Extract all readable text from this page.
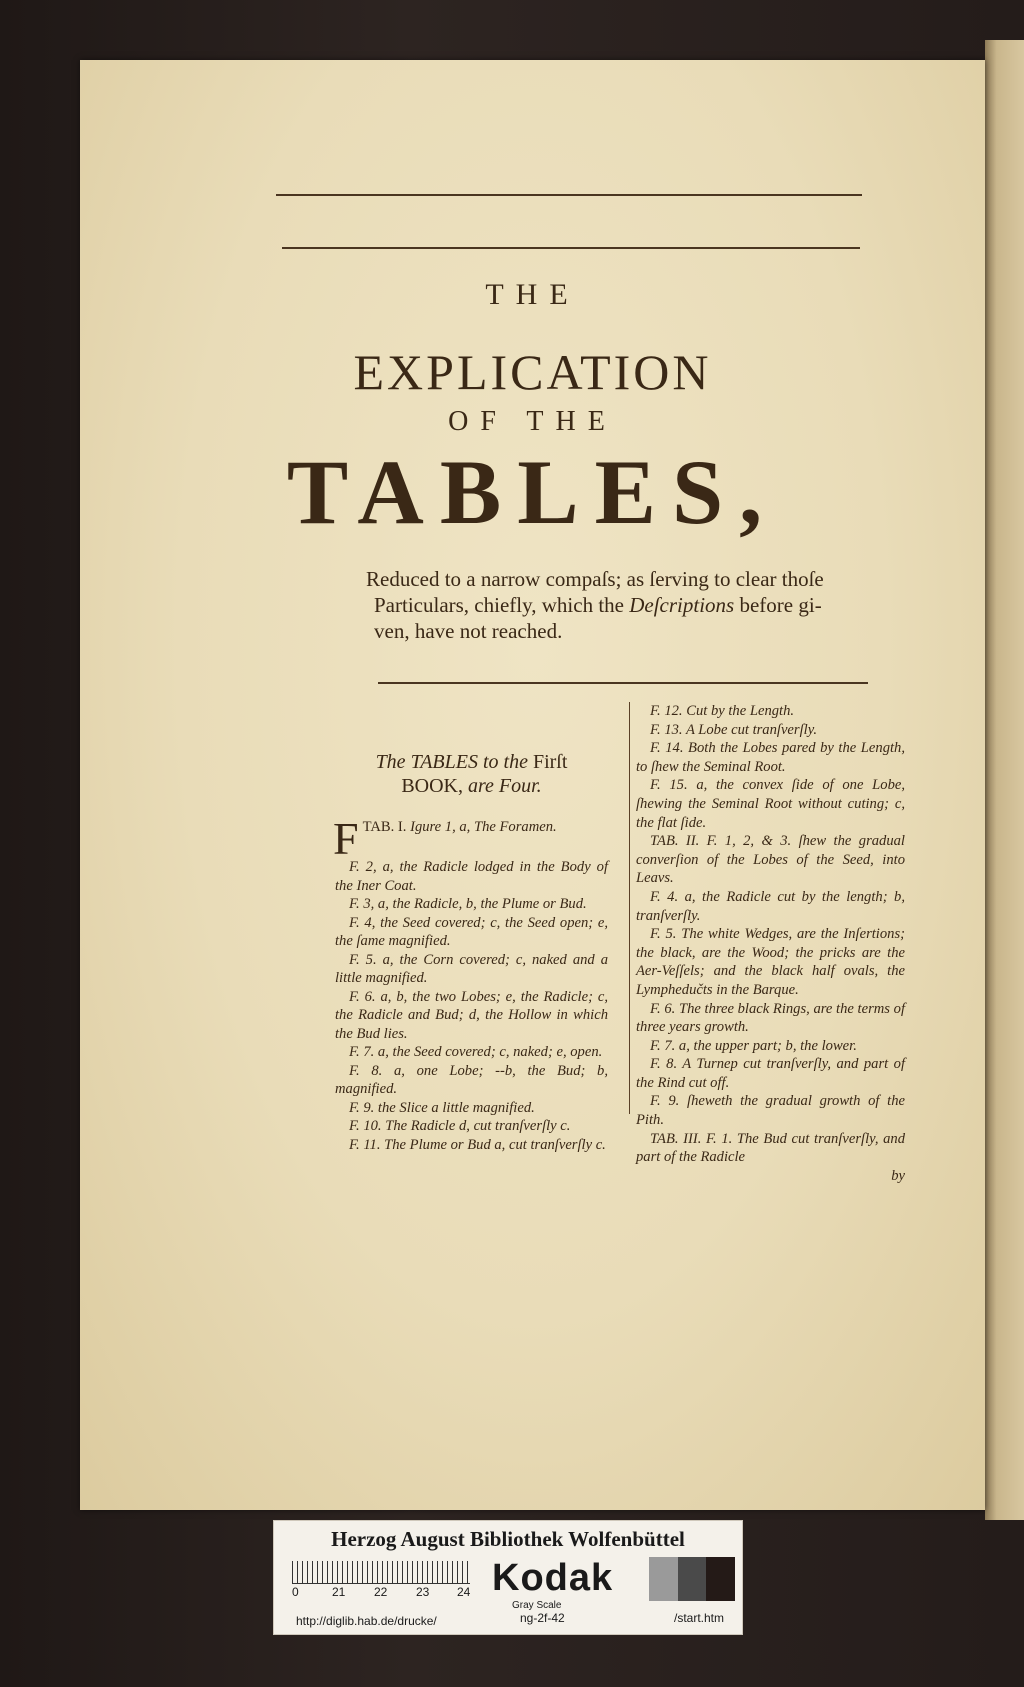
THE
EXPLICATION
OF THE
TABLES,
Reduced to a narrow compaſs; as ſerving to clear thoſe
Particulars, chiefly, which the Deſcriptions before gi-
ven, have not reached.
The TABLES to the Firſt
BOOK, are Four.
TAB. I.
F	Igure 1, a, The Foramen.
F. 2, a, the Radicle lodged in the Body of the Iner Coat.
F. 3, a, the Radicle, b, the Plume or Bud.
F. 4, the Seed covered; c, the Seed open; e, the ſame magnified.
F. 5. a, the Corn covered; c, naked and a little magnified.
F. 6. a, b, the two Lobes; e, the Radicle; c, the Radicle and Bud; d, the Hollow in which the Bud lies.
F. 7. a, the Seed covered; c, naked; e, open.
F. 8. a, one Lobe; --b, the Bud; b, magnified.
F. 9. the Slice a little magnified.
F. 10. The Radicle d, cut tranſverſly c.
F. 11. The Plume or Bud a, cut tranſverſly c.
F. 12. Cut by the Length.
F. 13. A Lobe cut tranſverſly.
F. 14. Both the Lobes pared by the Length, to ſhew the Seminal Root.
F. 15. a, the convex ſide of one Lobe, ſhewing the Seminal Root without cuting; c, the flat ſide.
TAB. II. F. 1, 2, & 3. ſhew the gradual converſion of the Lobes of the Seed, into Leavs.
F. 4. a, the Radicle cut by the length; b, tranſverſly.
F. 5. The white Wedges, are the Inſertions; the black, are the Wood; the pricks are the Aer-Veſſels; and the black half ovals, the Lymphedučts in the Barque.
F. 6. The three black Rings, are the terms of three years growth.
F. 7. a, the upper part; b, the lower.
F. 8. A Turnep cut tranſverſly, and part of the Rind cut off.
F. 9. ſheweth the gradual growth of the Pith.
TAB. III. F. 1. The Bud cut tranſverſly, and part of the Radicle
by
Herzog August Bibliothek Wolfenbüttel
0	21 22 23 24 Kodak
Gray Scale
http://diglib.hab.de/drucke/	ng-2f-42	/start.htm
